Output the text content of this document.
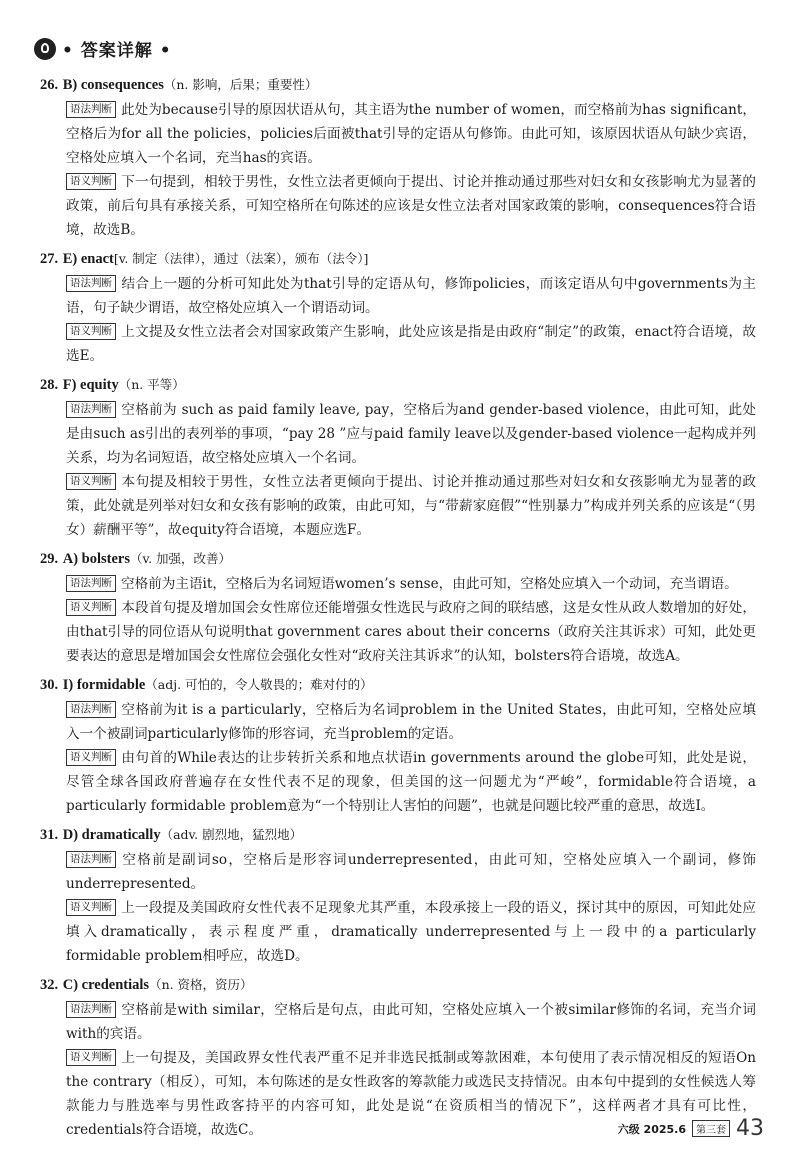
• 答案详解 •
26. B) consequences（n. 影响，后果；重要性）

语法判断 此处为because引导的原因状语从句，其主语为the number of women，而空格前为has significant，空格后为for all the policies，policies后面被that引导的定语从句修饰。由此可知，该原因状语从句缺少宾语，空格处应填入一个名词，充当has的宾语。

语义判断 下一句提到，相较于男性，女性立法者更倾向于提出、讨论并推动通过那些对妇女和女孩影响尤为显著的政策，前后句具有承接关系，可知空格所在句陈述的应该是女性立法者对国家政策的影响，consequences符合语境，故选B。

27. E) enact[v. 制定（法律），通过（法案），颁布（法令）]

语法判断 结合上一题的分析可知此处为that引导的定语从句，修饰policies，而该定语从句中governments为主语，句子缺少谓语，故空格处应填入一个谓语动词。

语义判断 上文提及女性立法者会对国家政策产生影响，此处应该是指是由政府“制定”的政策，enact符合语境，故选E。

28. F) equity（n. 平等）

语法判断 空格前为 such as paid family leave, pay，空格后为and gender-based violence，由此可知，此处是由such as引出的表列举的事项，“pay 28 ”应与paid family leave以及gender-based violence一起构成并列关系，均为名词短语，故空格处应填入一个名词。

语义判断 本句提及相较于男性，女性立法者更倾向于提出、讨论并推动通过那些对妇女和女孩影响尤为显著的政策，此处就是列举对妇女和女孩有影响的政策，由此可知，与“带薪家庭假”“性别暴力”构成并列关系的应该是“（男女）薪酬平等”，故equity符合语境，本题应选F。

29. A) bolsters（v. 加强，改善）

语法判断 空格前为主语it，空格后为名词短语women’s sense，由此可知，空格处应填入一个动词，充当谓语。

语义判断 本段首句提及增加国会女性席位还能增强女性选民与政府之间的联结感，这是女性从政人数增加的好处，由that引导的同位语从句说明that government cares about their concerns（政府关注其诉求）可知，此处更要表达的意思是增加国会女性席位会强化女性对“政府关注其诉求”的认知，bolsters符合语境，故选A。

30. I) formidable（adj. 可怕的，令人敬畏的；难对付的）

语法判断 空格前为it is a particularly，空格后为名词problem in the United States，由此可知，空格处应填入一个被副词particularly修饰的形容词，充当problem的定语。

语义判断 由句首的While表达的让步转折关系和地点状语in governments around the globe可知，此处是说，尽管全球各国政府普遍存在女性代表不足的现象，但美国的这一问题尤为“严峻”，formidable符合语境，a particularly formidable problem意为“一个特别让人害怕的问题”，也就是问题比较严重的意思，故选I。

31. D) dramatically（adv. 剧烈地，猛烈地）

语法判断 空格前是副词so，空格后是形容词underrepresented，由此可知，空格处应填入一个副词，修饰underrepresented。

语义判断 上一段提及美国政府女性代表不足现象尤其严重，本段承接上一段的语义，探讨其中的原因，可知此处应填入dramatically，表示程度严重，dramatically underrepresented与上一段中的a particularly formidable problem相呼应，故选D。

32. C) credentials（n. 资格，资历）

语法判断 空格前是with similar，空格后是句点，由此可知，空格处应填入一个被similar修饰的名词，充当介词with的宾语。

语义判断 上一句提及，美国政界女性代表严重不足并非选民抵制或筹款困难，本句使用了表示情况相反的短语On the contrary（相反），可知，本句陈述的是女性政客的筹款能力或选民支持情况。由本句中提到的女性候选人筹款能力与胜选率与男性政客持平的内容可知，此处是说“在资质相当的情况下”，这样两者才具有可比性，credentials符合语境，故选C。	六级 2025.6	第三套 43
